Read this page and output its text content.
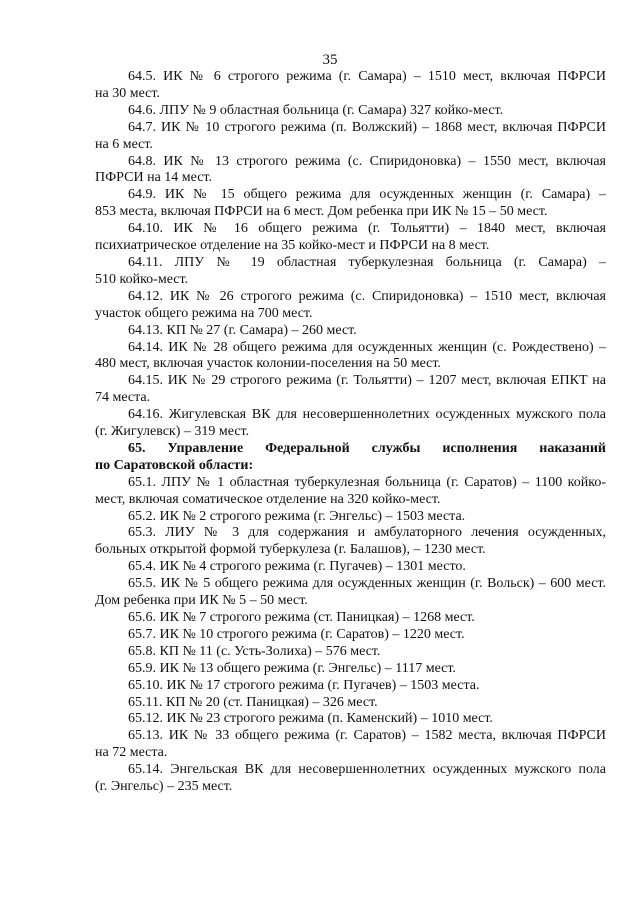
35
64.5. ИК № 6 строгого режима (г. Самара) – 1510 мест, включая ПФРСИ
на 30 мест.
64.6. ЛПУ № 9 областная больница (г. Самара) 327 койко-мест.
64.7. ИК № 10 строгого режима (п. Волжский) – 1868 мест, включая ПФРСИ
на 6 мест.
64.8. ИК № 13 строгого режима (с. Спиридоновка) – 1550 мест, включая
ПФРСИ на 14 мест.
64.9. ИК № 15 общего режима для осужденных женщин (г. Самара) –
853 места, включая ПФРСИ на 6 мест. Дом ребенка при ИК № 15 – 50 мест.
64.10. ИК № 16 общего режима (г. Тольятти) – 1840 мест, включая
психиатрическое отделение на 35 койко-мест и ПФРСИ на 8 мест.
64.11. ЛПУ № 19 областная туберкулезная больница (г. Самара) –
510 койко-мест.
64.12. ИК № 26 строгого режима (с. Спиридоновка) – 1510 мест, включая
участок общего режима на 700 мест.
64.13. КП № 27 (г. Самара) – 260 мест.
64.14. ИК № 28 общего режима для осужденных женщин (с. Рождествено) –
480 мест, включая участок колонии-поселения на 50 мест.
64.15. ИК № 29 строгого режима (г. Тольятти) – 1207 мест, включая ЕПКТ на
74 места.
64.16. Жигулевская ВК для несовершеннолетних осужденных мужского пола
(г. Жигулевск) – 319 мест.
65. Управление Федеральной службы исполнения наказаний
по Саратовской области:
65.1. ЛПУ № 1 областная туберкулезная больница (г. Саратов) – 1100 койко-
мест, включая соматическое отделение на 320 койко-мест.
65.2. ИК № 2 строгого режима (г. Энгельс) – 1503 места.
65.3. ЛИУ № 3 для содержания и амбулаторного лечения осужденных,
больных открытой формой туберкулеза (г. Балашов), – 1230 мест.
65.4. ИК № 4 строгого режима (г. Пугачев) – 1301 место.
65.5. ИК № 5 общего режима для осужденных женщин (г. Вольск) – 600 мест.
Дом ребенка при ИК № 5 – 50 мест.
65.6. ИК № 7 строгого режима (ст. Паницкая) – 1268 мест.
65.7. ИК № 10 строгого режима (г. Саратов) – 1220 мест.
65.8. КП № 11 (с. Усть-Золиха) – 576 мест.
65.9. ИК № 13 общего режима (г. Энгельс) – 1117 мест.
65.10. ИК № 17 строгого режима (г. Пугачев) – 1503 места.
65.11. КП № 20 (ст. Паницкая) – 326 мест.
65.12. ИК № 23 строгого режима (п. Каменский) – 1010 мест.
65.13. ИК № 33 общего режима (г. Саратов) – 1582 места, включая ПФРСИ
на 72 места.
65.14. Энгельская ВК для несовершеннолетних осужденных мужского пола
(г. Энгельс) – 235 мест.
